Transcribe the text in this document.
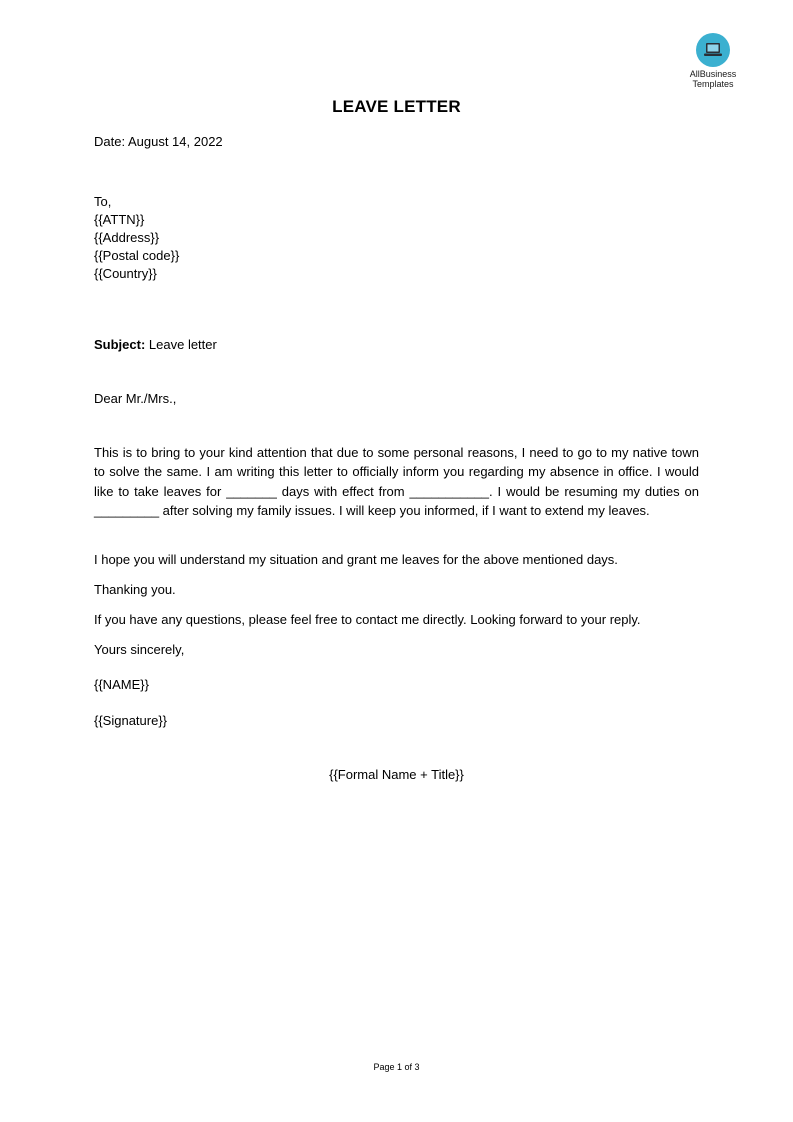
AllBusiness
Templates
LEAVE LETTER
Date: August 14, 2022
To,
{{ATTN}}
{{Address}}
{{Postal code}}
{{Country}}
Subject: Leave letter
Dear Mr./Mrs.,
This is to bring to your kind attention that due to some personal reasons, I need to go to my native town to solve the same. I am writing this letter to officially inform you regarding my absence in office. I would like to take leaves for _______ days with effect from ___________. I would be resuming my duties on _________ after solving my family issues. I will keep you informed, if I want to extend my leaves.
I hope you will understand my situation and grant me leaves for the above mentioned days.
Thanking you.
If you have any questions, please feel free to contact me directly. Looking forward to your reply.
Yours sincerely,
{{NAME}}
{{Signature}}
{{Formal Name + Title}}
Page 1 of 3
